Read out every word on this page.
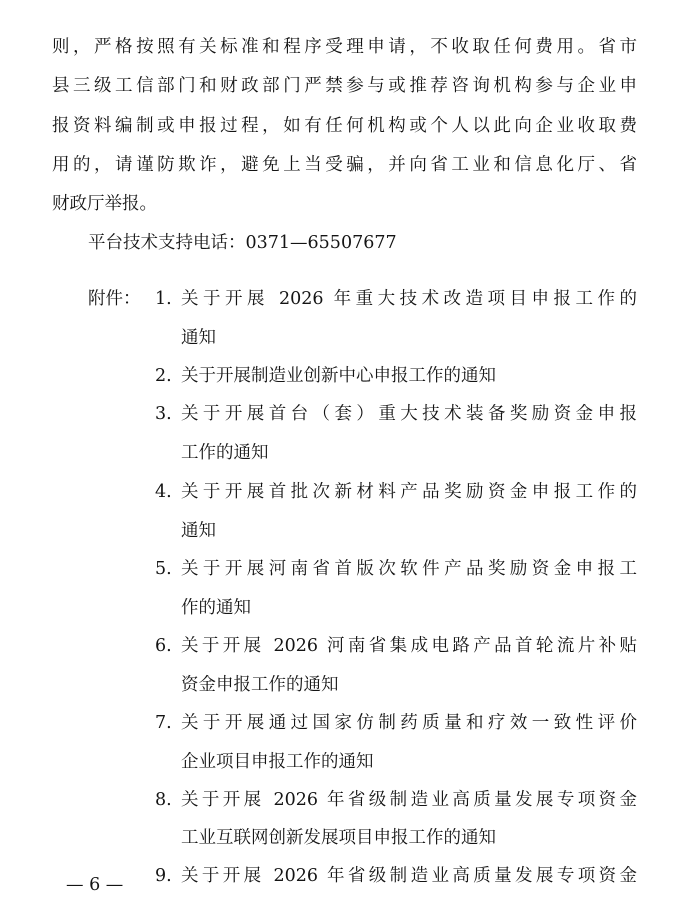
则，严格按照有关标准和程序受理申请，不收取任何费用。省市
县三级工信部门和财政部门严禁参与或推荐咨询机构参与企业申
报资料编制或申报过程，如有任何机构或个人以此向企业收取费
用的，请谨防欺诈，避免上当受骗，并向省工业和信息化厅、省
财政厅举报。
平台技术支持电话：0371—65507677
附件： 1. 关于开展 2026 年重大技术改造项目申报工作的
通知
2. 关于开展制造业创新中心申报工作的通知
3. 关于开展首台（套）重大技术装备奖励资金申报
工作的通知
4. 关于开展首批次新材料产品奖励资金申报工作的
通知
5. 关于开展河南省首版次软件产品奖励资金申报工
作的通知
6. 关于开展 2026 河南省集成电路产品首轮流片补贴
资金申报工作的通知
7. 关于开展通过国家仿制药质量和疗效一致性评价
企业项目申报工作的通知
8. 关于开展 2026 年省级制造业高质量发展专项资金
工业互联网创新发展项目申报工作的通知
9. 关于开展 2026 年省级制造业高质量发展专项资金
— 6 —
